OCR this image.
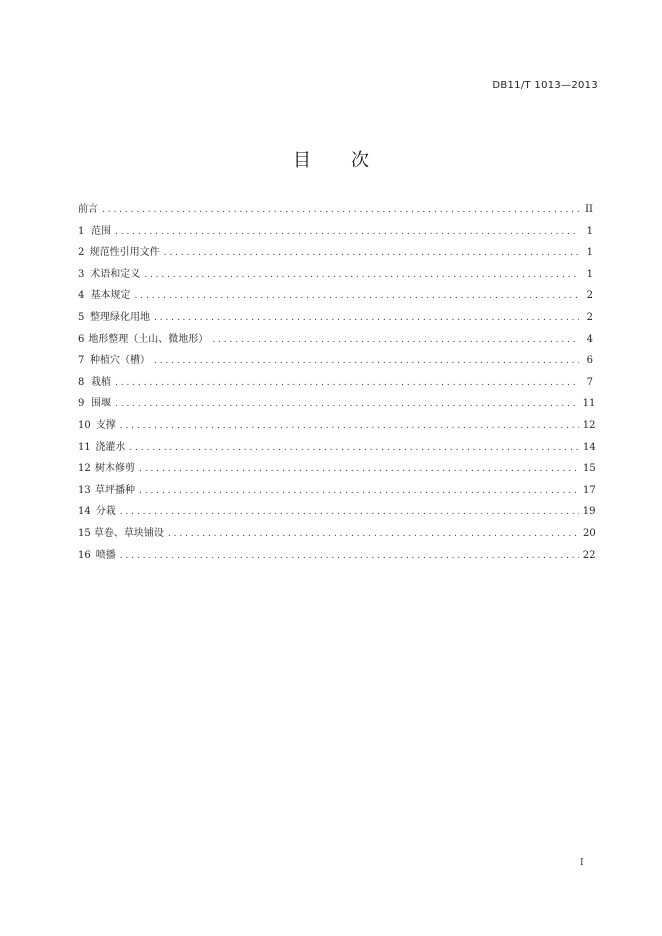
DB11/T 1013—2013
目 次
前言 . . .	II
1 范围 . . .	1
2 规范性引用文件 . . .	1
3 术语和定义 . . .	1
4 基本规定 . . .	2
5 整理绿化用地 . . .	2
6 地形整理（土山、微地形） . . .	4
7 种植穴（槽） . . .	6
8 栽植 . . .	7
9 围堰 . . .	11
10 支撑 . . .	12
11 浇灌水 . . .	14
12 树木修剪 . . .	15
13 草坪播种 . . .	17
14 分栽 . . .	19
15 草卷、草块铺设 . . .	20
16 喷播 . . .	22
I
